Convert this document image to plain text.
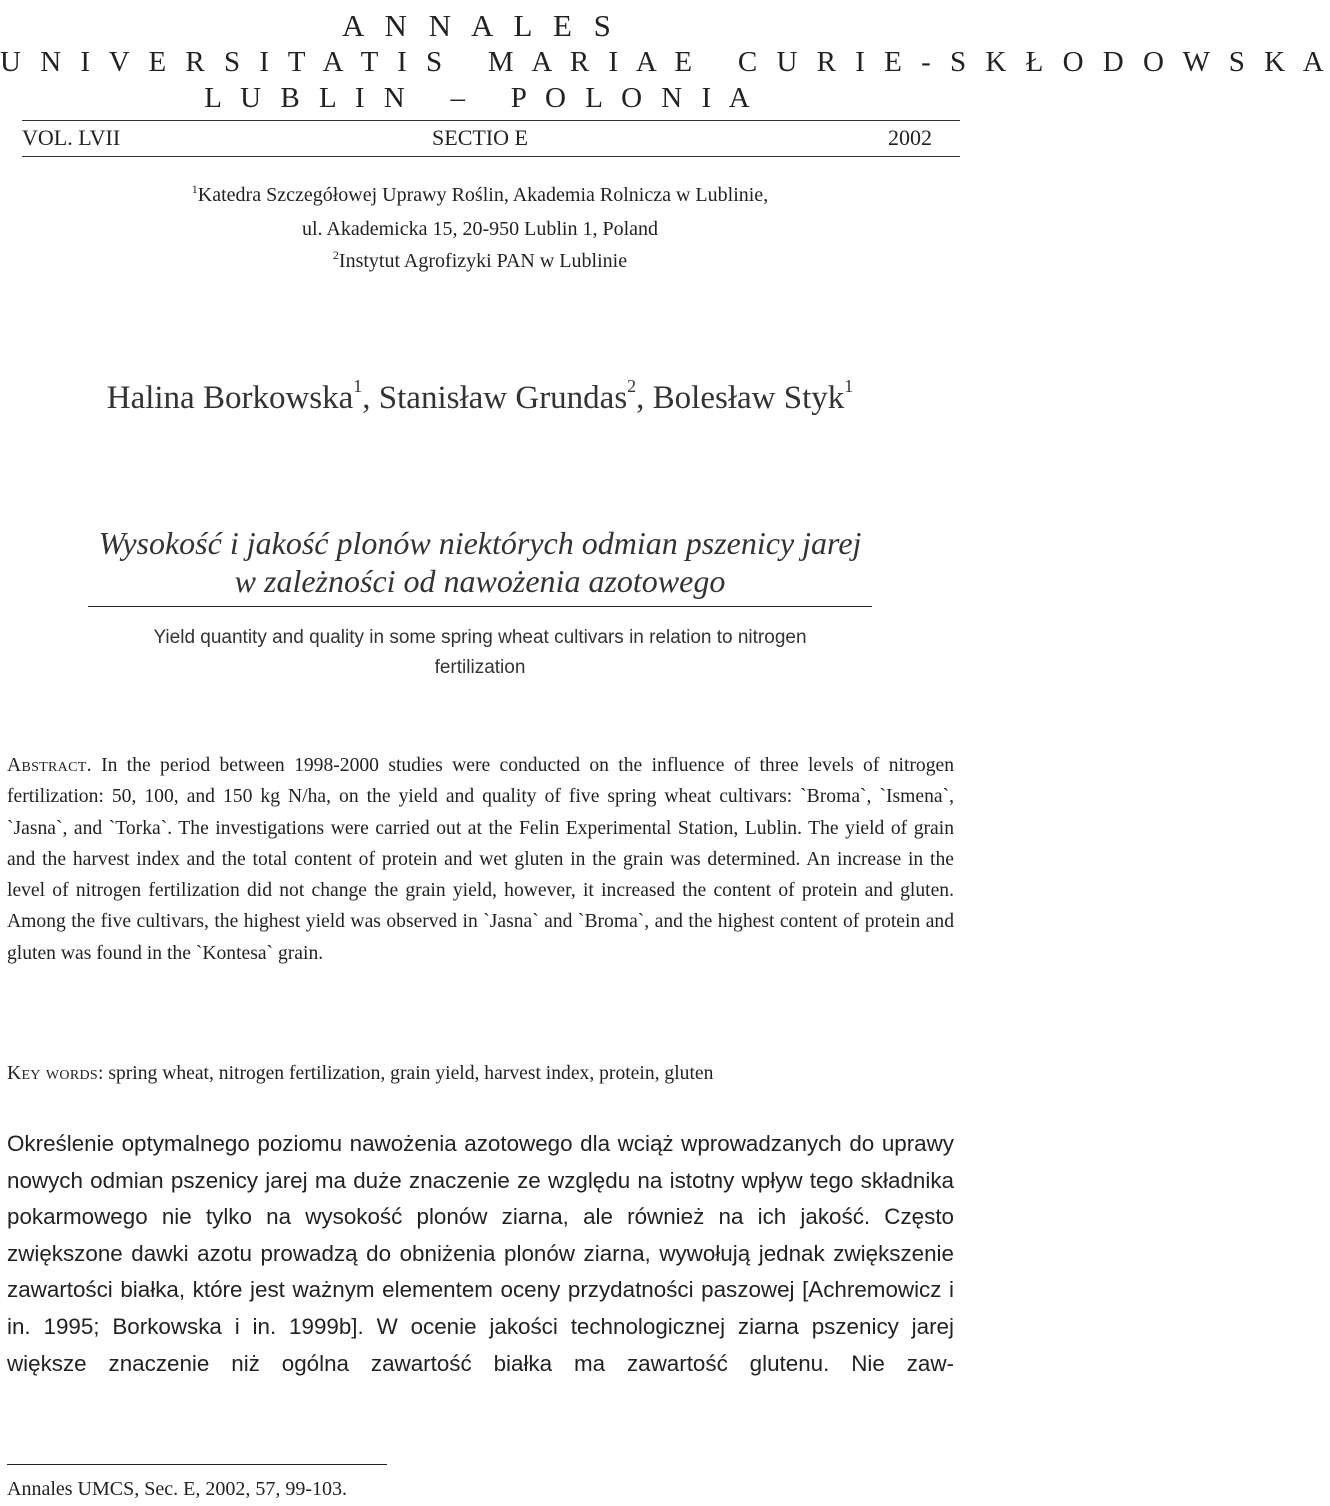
A N N A L E S
U N I V E R S I T A T I S   M A R I A E   C U R I E - S K Ł O D O W S K A
L U B L I N   –   P O L O N I A
VOL. LVII	SECTIO E	2002
$^1$Katedra Szczegółowej Uprawy Roślin, Akademia Rolnicza w Lublinie,
ul. Akademicka 15, 20-950 Lublin 1, Poland
$^2$Instytut Agrofizyki PAN w Lublinie
Halina Borkowska$^1$, Stanisław Grundas$^2$, Bolesław Styk$^1$
Wysokość i jakość plonów niektórych odmian pszenicy jarej
w zależności od nawożenia azotowego
Yield quantity and quality in some spring wheat cultivars in relation to nitrogen
fertilization
Abstract. In the period between 1998-2000 studies were conducted on the influence of three levels of nitrogen fertilization: 50, 100, and 150 kg N/ha, on the yield and quality of five spring wheat cultivars: `Broma`, `Ismena`, `Jasna`, and `Torka`. The investigations were carried out at the Felin Experimental Station, Lublin. The yield of grain and the harvest index and the total content of protein and wet gluten in the grain was determined. An increase in the level of nitrogen fertilization did not change the grain yield, however, it increased the content of protein and gluten. Among the five cultivars, the highest yield was observed in `Jasna` and `Broma`, and the highest content of protein and gluten was found in the `Kontesa` grain.
Key words: spring wheat, nitrogen fertilization, grain yield, harvest index, protein, gluten
Określenie optymalnego poziomu nawożenia azotowego dla wciąż wprowadzanych do uprawy nowych odmian pszenicy jarej ma duże znaczenie ze względu na istotny wpływ tego składnika pokarmowego nie tylko na wysokość plonów ziarna, ale również na ich jakość. Często zwiększone dawki azotu prowadzą do obniżenia plonów ziarna, wywołują jednak zwiększenie zawartości białka, które jest ważnym elementem oceny przydatności paszowej [Achremowicz i in. 1995; Borkowska i in. 1999b]. W ocenie jakości technologicznej ziarna pszenicy jarej większe znaczenie niż ogólna zawartość białka ma zawartość glutenu. Nie zaw-
Annales UMCS, Sec. E, 2002, 57, 99-103.
